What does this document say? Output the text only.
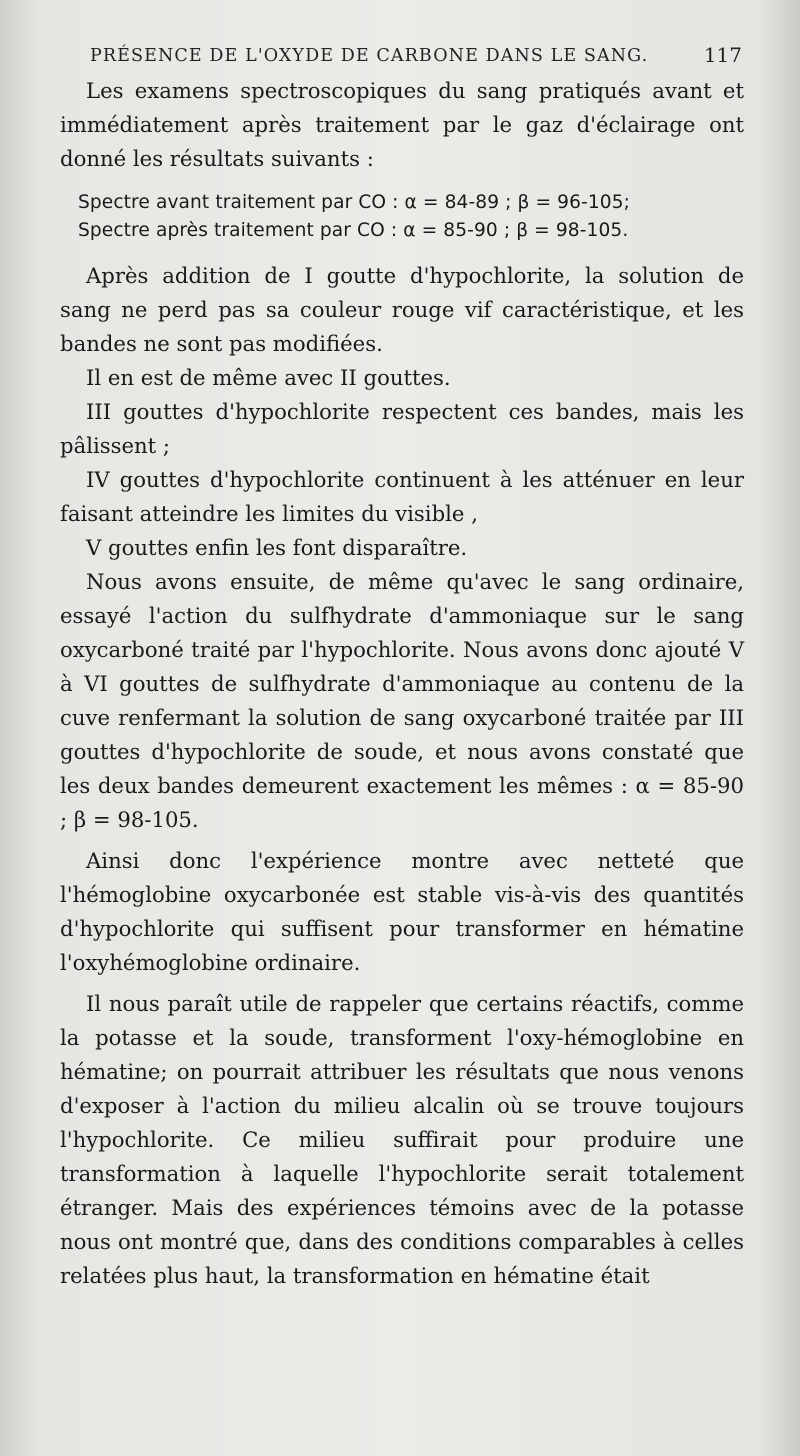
PRÉSENCE DE L'OXYDE DE CARBONE DANS LE SANG.	117

Les examens spectroscopiques du sang pratiqués avant et immédiatement après traitement par le gaz d'éclairage ont donné les résultats suivants :

Spectre avant traitement par CO : α = 84-89 ; β = 96-105;
Spectre après traitement par CO : α = 85-90 ; β = 98-105.

Après addition de I goutte d'hypochlorite, la solution de sang ne perd pas sa couleur rouge vif caractéristique, et les bandes ne sont pas modifiées.

Il en est de même avec II gouttes.

III gouttes d'hypochlorite respectent ces bandes, mais les pâlissent ;

IV gouttes d'hypochlorite continuent à les atténuer en leur faisant atteindre les limites du visible ,

V gouttes enfin les font disparaître.

Nous avons ensuite, de même qu'avec le sang ordinaire, essayé l'action du sulfhydrate d'ammoniaque sur le sang oxycarboné traité par l'hypochlorite. Nous avons donc ajouté V à VI gouttes de sulfhydrate d'ammoniaque au contenu de la cuve renfermant la solution de sang oxycarboné traitée par III gouttes d'hypochlorite de soude, et nous avons constaté que les deux bandes demeurent exactement les mêmes : α = 85-90 ; β = 98-105.

Ainsi donc l'expérience montre avec netteté que l'hémoglobine oxycarbonée est stable vis-à-vis des quantités d'hypochlorite qui suffisent pour transformer en hématine l'oxyhémoglobine ordinaire.

Il nous paraît utile de rappeler que certains réactifs, comme la potasse et la soude, transforment l'oxy-hémoglobine en hématine; on pourrait attribuer les résultats que nous venons d'exposer à l'action du milieu alcalin où se trouve toujours l'hypochlorite. Ce milieu suffirait pour produire une transformation à laquelle l'hypochlorite serait totalement étranger. Mais des expériences témoins avec de la potasse nous ont montré que, dans des conditions comparables à celles relatées plus haut, la transformation en hématine était
